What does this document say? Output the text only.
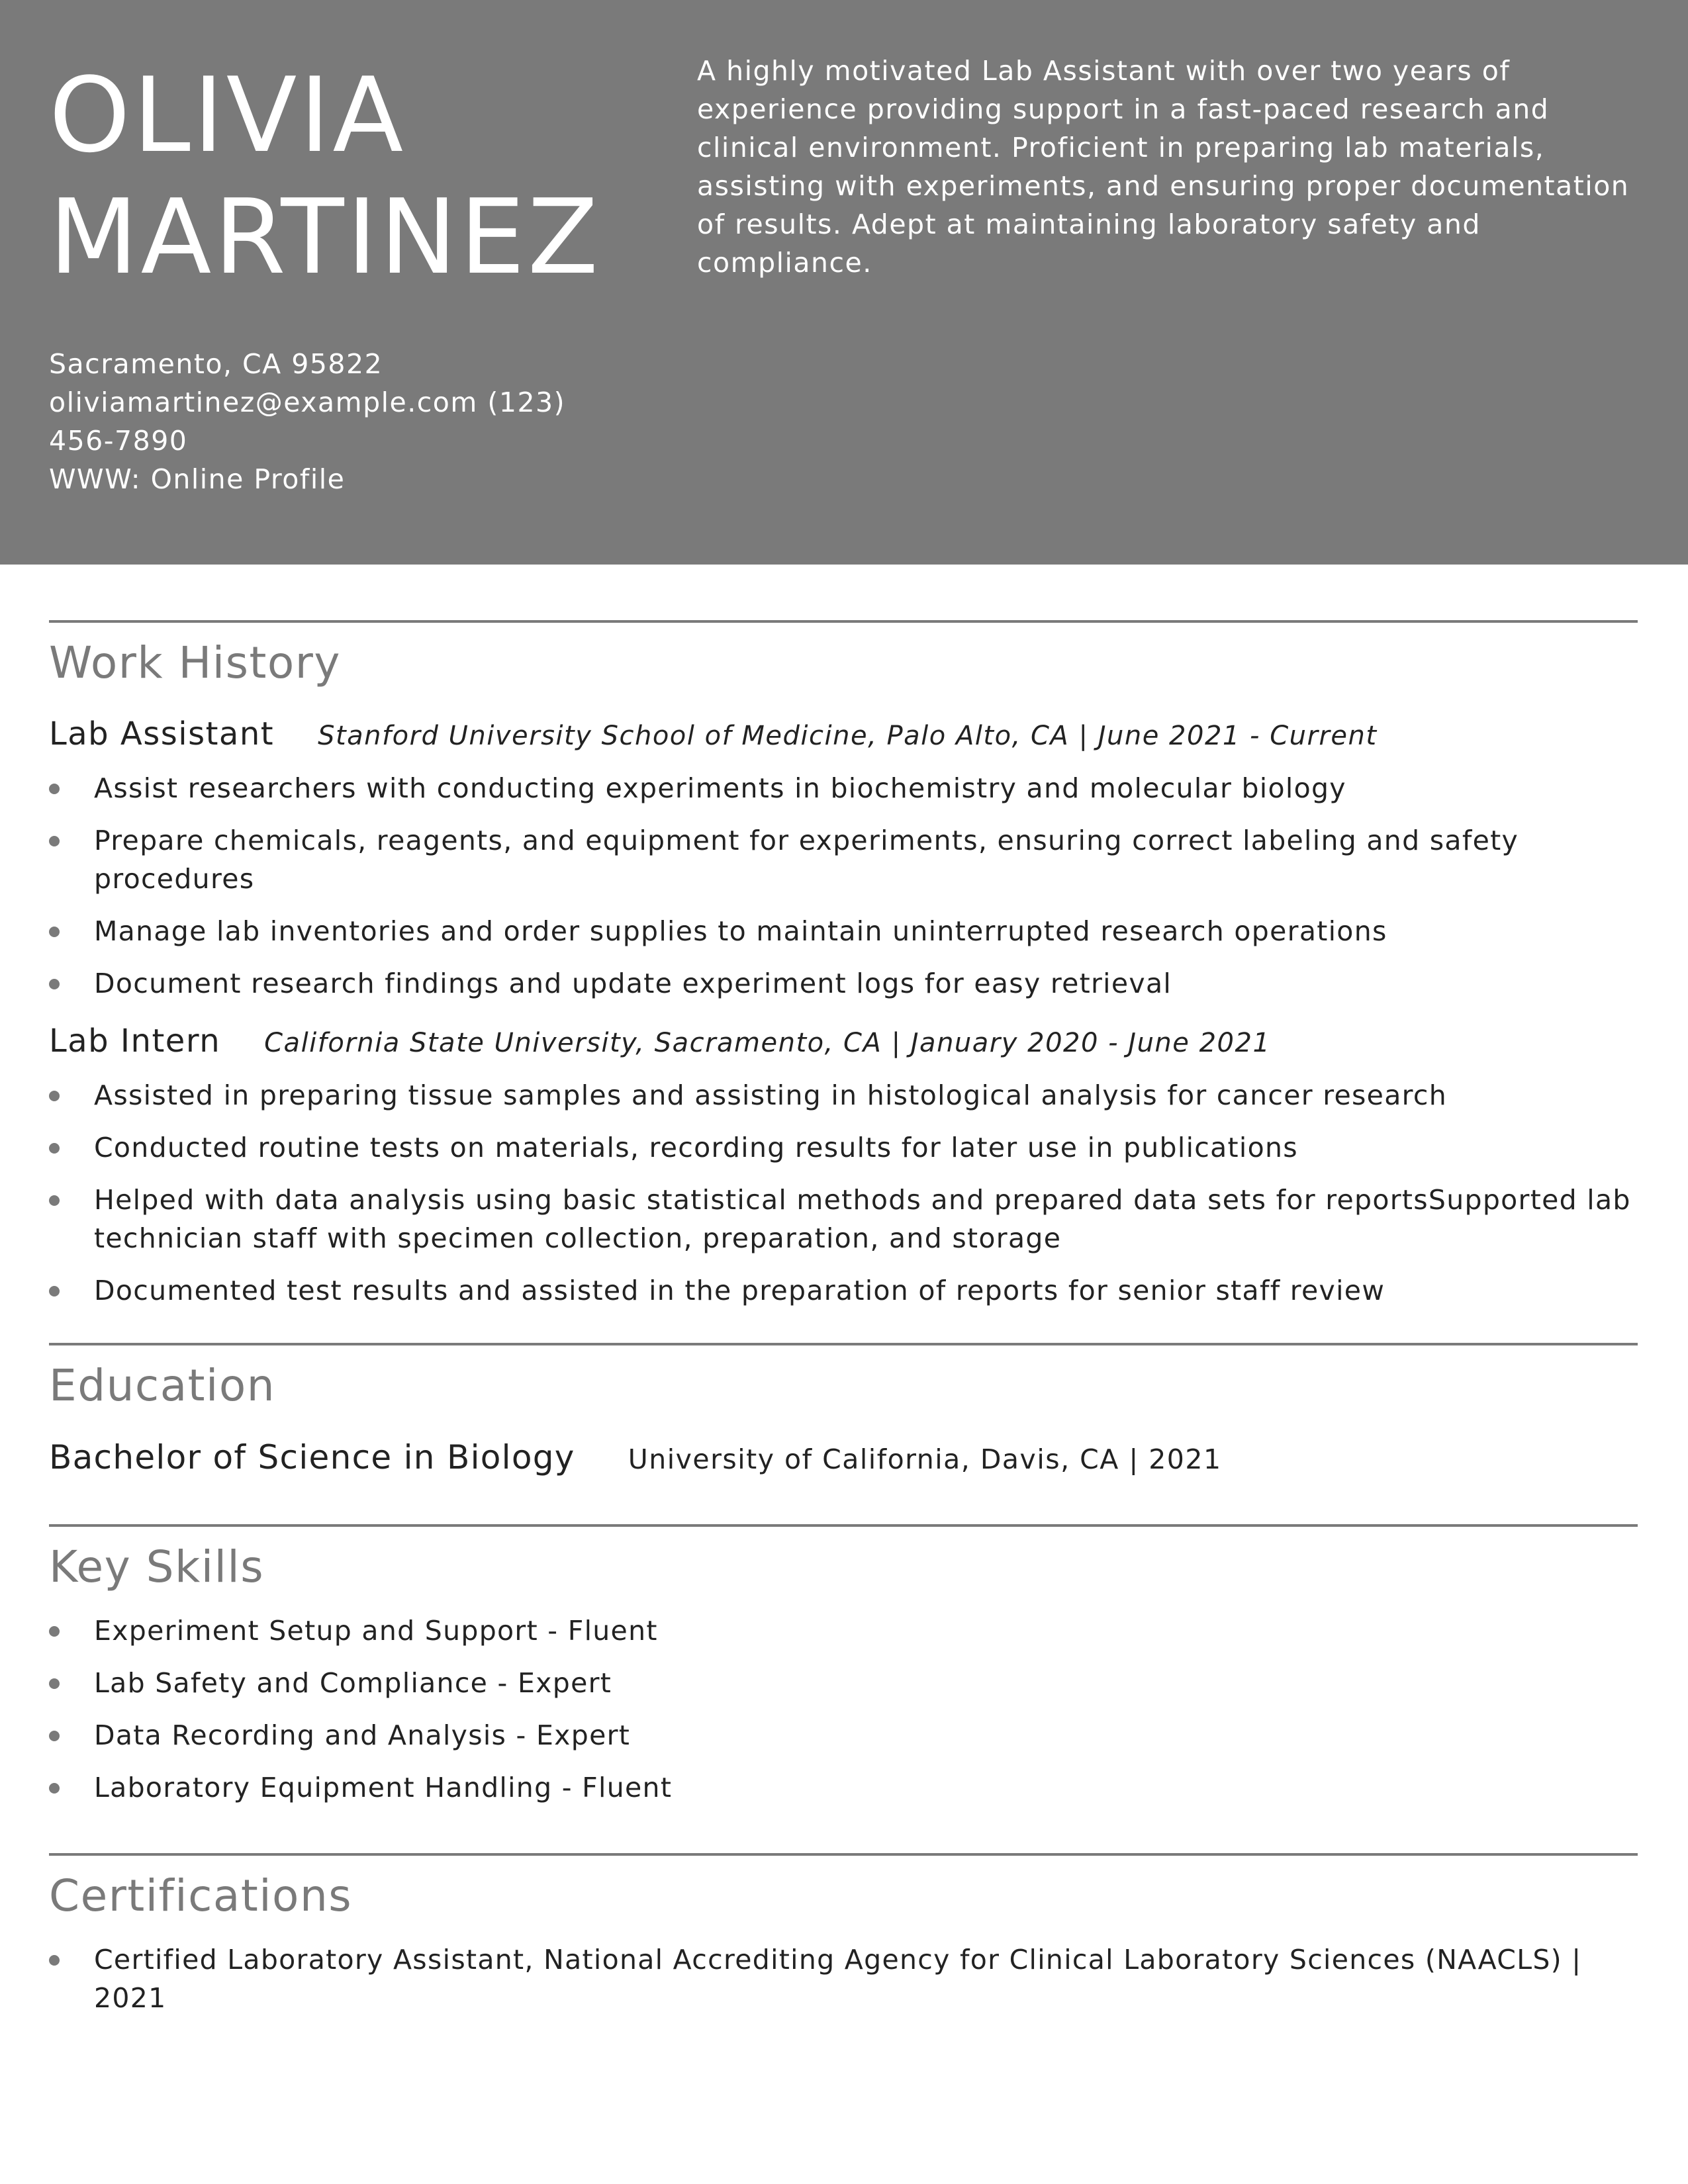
OLIVIA
MARTINEZ
A highly motivated Lab Assistant with over two years of experience providing support in a fast-paced research and clinical environment. Proficient in preparing lab materials, assisting with experiments, and ensuring proper documentation of results. Adept at maintaining laboratory safety and compliance.
Sacramento, CA 95822
oliviamartinez@example.com (123)
456-7890
WWW: Online Profile
Work History
Lab Assistant Stanford University School of Medicine, Palo Alto, CA | June 2021 - Current
Assist researchers with conducting experiments in biochemistry and molecular biology
Prepare chemicals, reagents, and equipment for experiments, ensuring correct labeling and safety procedures
Manage lab inventories and order supplies to maintain uninterrupted research operations
Document research findings and update experiment logs for easy retrieval
Lab Intern California State University, Sacramento, CA | January 2020 - June 2021
Assisted in preparing tissue samples and assisting in histological analysis for cancer research
Conducted routine tests on materials, recording results for later use in publications
Helped with data analysis using basic statistical methods and prepared data sets for reportsSupported lab technician staff with specimen collection, preparation, and storage
Documented test results and assisted in the preparation of reports for senior staff review
Education
Bachelor of Science in Biology University of California, Davis, CA | 2021
Key Skills
Experiment Setup and Support - Fluent
Lab Safety and Compliance - Expert
Data Recording and Analysis - Expert
Laboratory Equipment Handling - Fluent
Certifications
Certified Laboratory Assistant, National Accrediting Agency for Clinical Laboratory Sciences (NAACLS) | 2021
